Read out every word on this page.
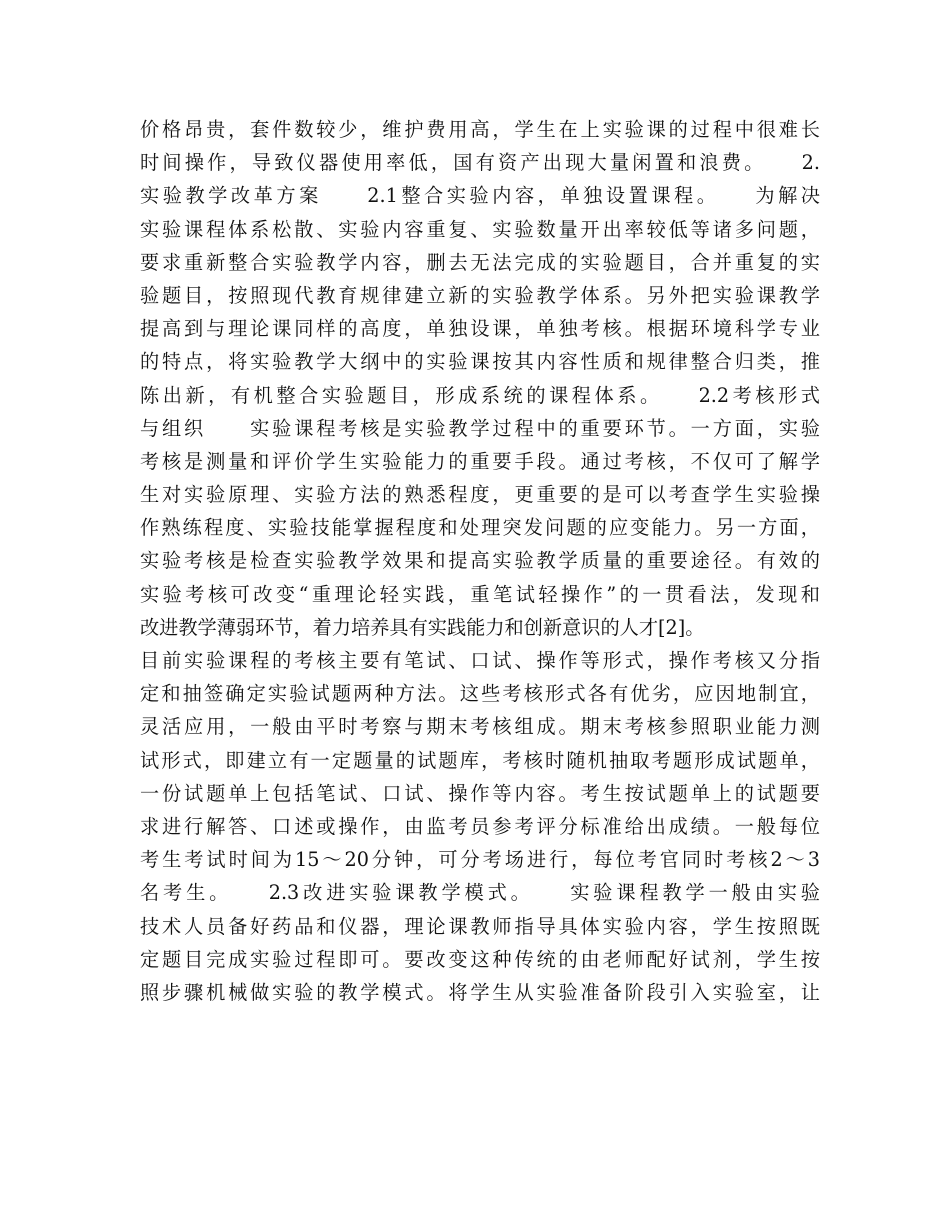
价格昂贵，套件数较少，维护费用高，学生在上实验课的过程中很难长
时间操作，导致仪器使用率低，国有资产出现大量闲置和浪费。　　2.
实验教学改革方案　　2.1整合实验内容，单独设置课程。　　为解决
实验课程体系松散、实验内容重复、实验数量开出率较低等诸多问题，
要求重新整合实验教学内容，删去无法完成的实验题目，合并重复的实
验题目，按照现代教育规律建立新的实验教学体系。另外把实验课教学
提高到与理论课同样的高度，单独设课，单独考核。根据环境科学专业
的特点，将实验教学大纲中的实验课按其内容性质和规律整合归类，推
陈出新，有机整合实验题目，形成系统的课程体系。　　2.2考核形式
与组织　　实验课程考核是实验教学过程中的重要环节。一方面，实验
考核是测量和评价学生实验能力的重要手段。通过考核，不仅可了解学
生对实验原理、实验方法的熟悉程度，更重要的是可以考查学生实验操
作熟练程度、实验技能掌握程度和处理突发问题的应变能力。另一方面，
实验考核是检查实验教学效果和提高实验教学质量的重要途径。有效的
实验考核可改变“重理论轻实践，重笔试轻操作”的一贯看法，发现和
改进教学薄弱环节，着力培养具有实践能力和创新意识的人才[2]。
目前实验课程的考核主要有笔试、口试、操作等形式，操作考核又分指
定和抽签确定实验试题两种方法。这些考核形式各有优劣，应因地制宜，
灵活应用，一般由平时考察与期末考核组成。期末考核参照职业能力测
试形式，即建立有一定题量的试题库，考核时随机抽取考题形成试题单，
一份试题单上包括笔试、口试、操作等内容。考生按试题单上的试题要
求进行解答、口述或操作，由监考员参考评分标准给出成绩。一般每位
考生考试时间为15～20分钟，可分考场进行，每位考官同时考核2～3
名考生。　　2.3改进实验课教学模式。　　实验课程教学一般由实验
技术人员备好药品和仪器，理论课教师指导具体实验内容，学生按照既
定题目完成实验过程即可。要改变这种传统的由老师配好试剂，学生按
照步骤机械做实验的教学模式。将学生从实验准备阶段引入实验室，让
